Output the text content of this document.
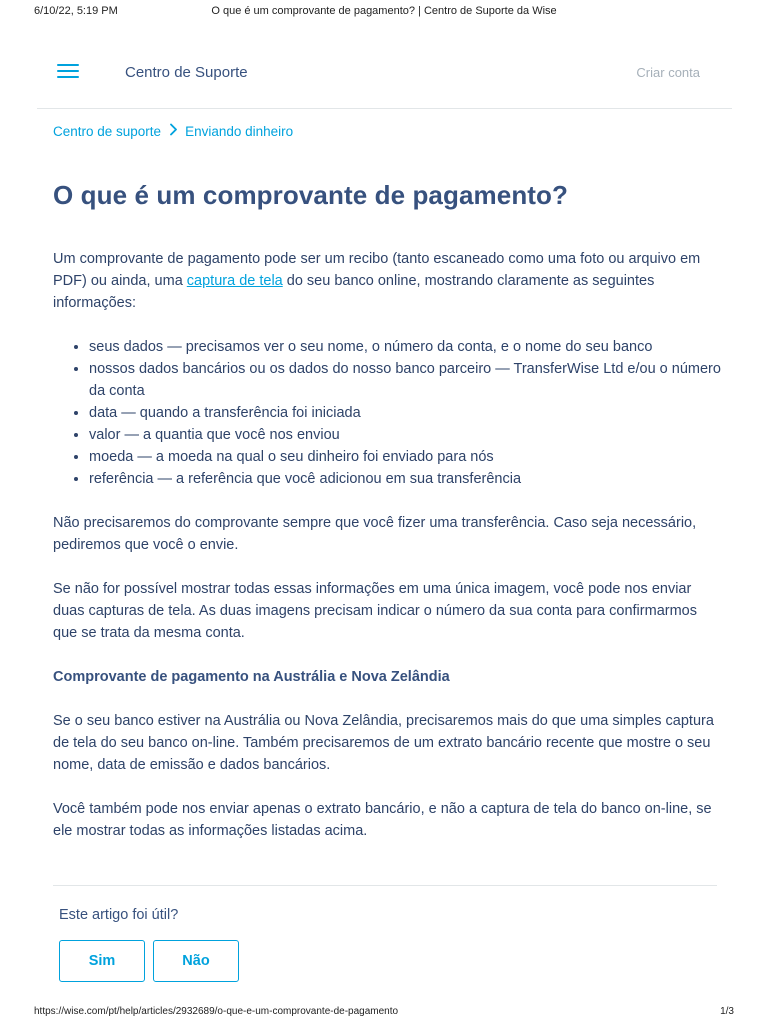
6/10/22, 5:19 PM	O que é um comprovante de pagamento? | Centro de Suporte da Wise
Centro de Suporte	Criar conta
Centro de suporte Enviando dinheiro
O que é um comprovante de pagamento?

Um comprovante de pagamento pode ser um recibo (tanto escaneado como uma foto ou arquivo em PDF) ou ainda, uma captura de tela do seu banco online, mostrando claramente as seguintes informações:

• seus dados — precisamos ver o seu nome, o número da conta, e o nome do seu banco
• nossos dados bancários ou os dados do nosso banco parceiro — TransferWise Ltd e/ou o número da conta
• data — quando a transferência foi iniciada
• valor — a quantia que você nos enviou
• moeda — a moeda na qual o seu dinheiro foi enviado para nós
• referência — a referência que você adicionou em sua transferência

Não precisaremos do comprovante sempre que você fizer uma transferência. Caso seja necessário, pediremos que você o envie.

Se não for possível mostrar todas essas informações em uma única imagem, você pode nos enviar duas capturas de tela. As duas imagens precisam indicar o número da sua conta para confirmarmos que se trata da mesma conta.

Comprovante de pagamento na Austrália e Nova Zelândia

Se o seu banco estiver na Austrália ou Nova Zelândia, precisaremos mais do que uma simples captura de tela do seu banco on-line. Também precisaremos de um extrato bancário recente que mostre o seu nome, data de emissão e dados bancários.

Você também pode nos enviar apenas o extrato bancário, e não a captura de tela do banco on-line, se ele mostrar todas as informações listadas acima.

Este artigo foi útil?
Sim	Não
https://wise.com/pt/help/articles/2932689/o-que-e-um-comprovante-de-pagamento	1/3
